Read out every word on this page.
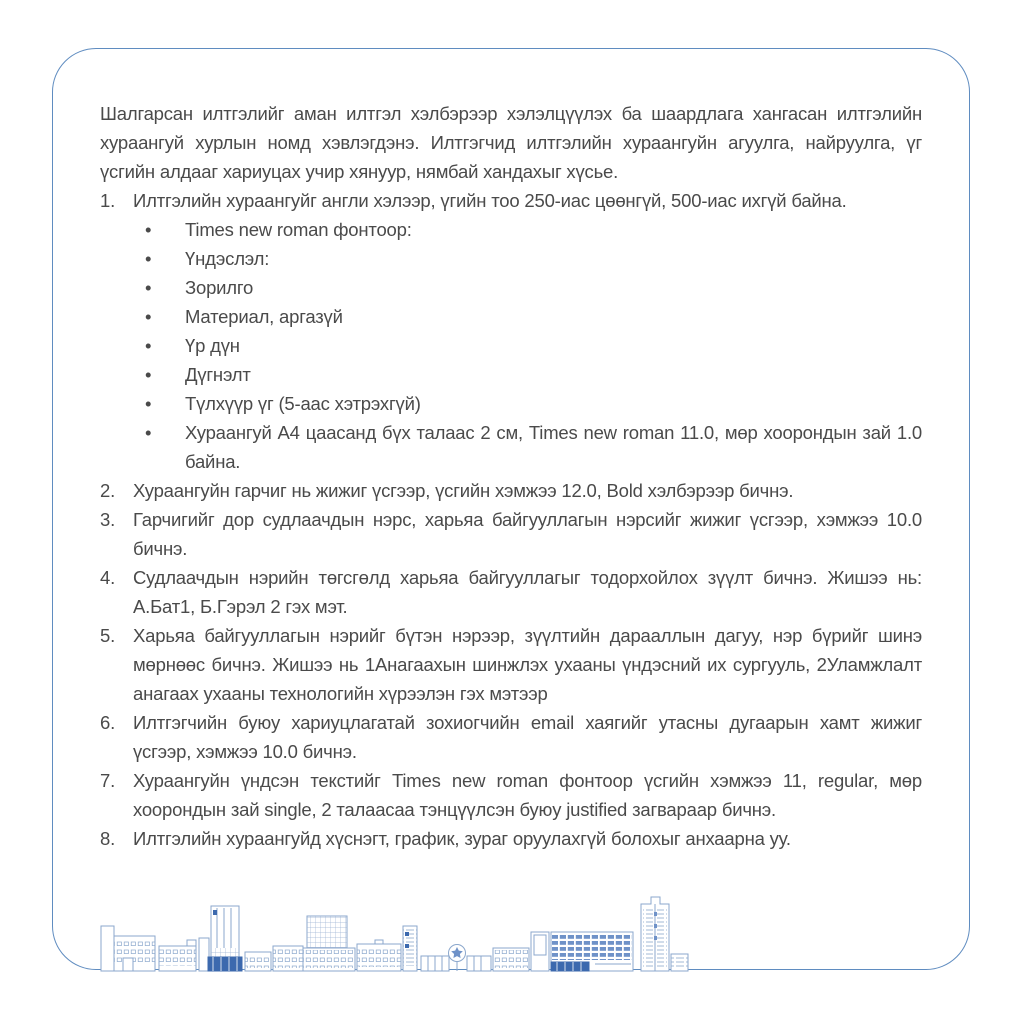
Шалгарсан илтгэлийг аман илтгэл хэлбэрээр хэлэлцүүлэх ба шаардлага хангасан илтгэлийн хураангуй хурлын номд хэвлэгдэнэ. Илтгэгчид илтгэлийн хураангуйн агуулга, найруулга, үг үсгийн алдааг хариуцах учир хянуур, нямбай хандахыг хүсье.

1. Илтгэлийн хураангуйг англи хэлээр, үгийн тоо 250-иас цөөнгүй, 500-иас ихгүй байна.
•	Times new roman фонтоор:
•	Үндэслэл:
•	Зорилго
•	Материал, аргазүй
•	Үр дүн
•	Дүгнэлт
•	Түлхүүр үг (5-аас хэтрэхгүй)
•	Хураангуй А4 цаасанд бүх талаас 2 см, Times new roman 11.0, мөр хоорондын зай 1.0 байна.
2. Хураангуйн гарчиг нь жижиг үсгээр, үсгийн хэмжээ 12.0, Bold хэлбэрээр бичнэ.
3. Гарчигийг дор судлаачдын нэрс, харьяа байгууллагын нэрсийг жижиг үсгээр, хэмжээ 10.0 бичнэ.
4. Судлаачдын нэрийн төгсгөлд харьяа байгууллагыг тодорхойлох зүүлт бичнэ. Жишээ нь: А.Бат1, Б.Гэрэл 2 гэх мэт.
5. Харьяа байгууллагын нэрийг бүтэн нэрээр, зүүлтийн дарааллын дагуу, нэр бүрийг шинэ мөрнөөс бичнэ. Жишээ нь 1Анагаахын шинжлэх ухааны үндэсний их сургууль, 2Уламжлалт анагаах ухааны технологийн хүрээлэн гэх мэтээр
6. Илтгэгчийн буюу хариуцлагатай зохиогчийн email хаягийг утасны дугаарын хамт жижиг үсгээр, хэмжээ 10.0 бичнэ.
7. Хураангуйн үндсэн текстийг Times new roman фонтоор үсгийн хэмжээ 11, regular, мөр хоорондын зай single, 2 талаасаа тэнцүүлсэн буюу justified загвараар бичнэ.
8. Илтгэлийн хураангуйд хүснэгт, график, зураг оруулахгүй болохыг анхаарна уу.
